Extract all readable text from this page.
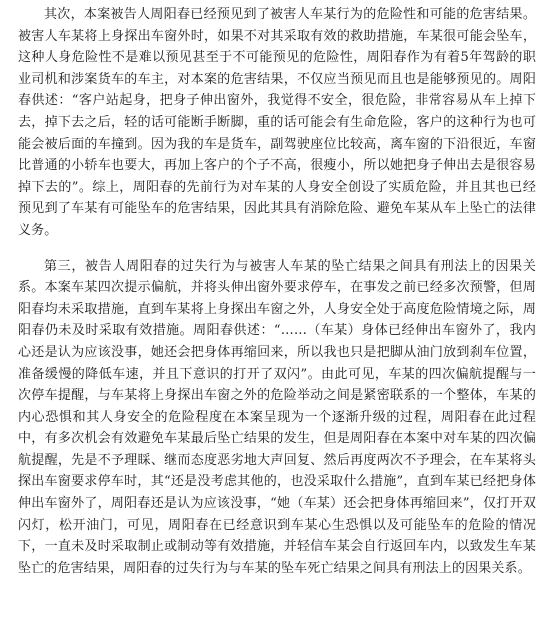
其次，本案被告人周阳春已经预见到了被害人车某行为的危险性和可能的危害结果。被害人车某将上身探出车窗外时，如果不对其采取有效的救助措施，车某很可能会坠车，这种人身危险性不是难以预见甚至于不可能预见的危险性，周阳春作为有着5年驾龄的职业司机和涉案货车的车主，对本案的危害结果，不仅应当预见而且也是能够预见的。周阳春供述：“客户站起身，把身子伸出窗外，我觉得不安全，很危险，非常容易从车上掉下去，掉下去之后，轻的话可能断手断脚，重的话可能会有生命危险，客户的这种行为也可能会被后面的车撞到。因为我的车是货车，副驾驶座位比较高，离车窗的下沿很近，车窗比普通的小轿车也要大，再加上客户的个子不高，很瘦小，所以她把身子伸出去是很容易掉下去的”。综上，周阳春的先前行为对车某的人身安全创设了实质危险，并且其也已经预见到了车某有可能坠车的危害结果，因此其具有消除危险、避免车某从车上坠亡的法律义务。

第三，被告人周阳春的过失行为与被害人车某的坠亡结果之间具有刑法上的因果关系。本案车某四次提示偏航，并将头伸出窗外要求停车，在事发之前已经多次预警，但周阳春均未采取措施，直到车某将上身探出车窗之外，人身安全处于高度危险情境之际，周阳春仍未及时采取有效措施。周阳春供述：“……（车某）身体已经伸出车窗外了，我内心还是认为应该没事，她还会把身体再缩回来，所以我也只是把脚从油门放到刹车位置，准备缓慢的降低车速，并且下意识的打开了双闪”。由此可见，车某的四次偏航提醒与一次停车提醒，与车某将上身探出车窗之外的危险举动之间是紧密联系的一个整体，车某的内心恐惧和其人身安全的危险程度在本案呈现为一个逐渐升级的过程，周阳春在此过程中，有多次机会有效避免车某最后坠亡结果的发生，但是周阳春在本案中对车某的四次偏航提醒，先是不予理睬、继而态度恶劣地大声回复、然后再度两次不予理会，在车某将头探出车窗要求停车时，其“还是没考虑其他的，也没采取什么措施”，直到车某已经把身体伸出车窗外了，周阳春还是认为应该没事，“她（车某）还会把身体再缩回来”，仅打开双闪灯，松开油门，可见，周阳春在已经意识到车某心生恐惧以及可能坠车的危险的情况下，一直未及时采取制止或制动等有效措施，并轻信车某会自行返回车内，以致发生车某坠亡的危害结果，周阳春的过失行为与车某的坠车死亡结果之间具有刑法上的因果关系。
